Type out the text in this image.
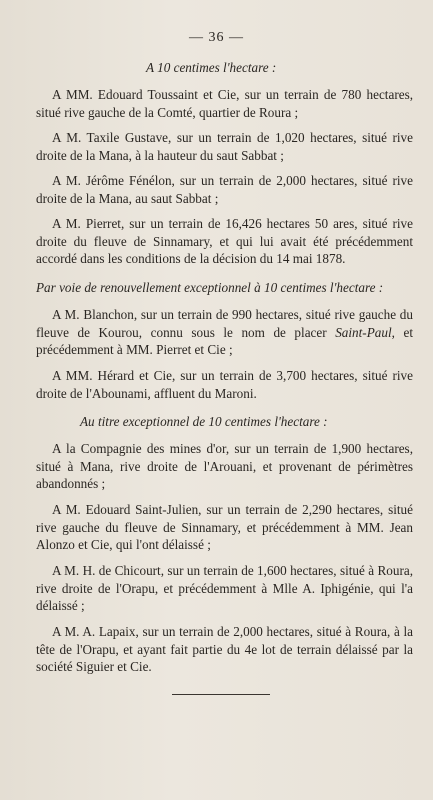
— 36 —
A 10 centimes l'hectare :

A MM. Edouard Toussaint et Cie, sur un terrain de 780 hectares, situé rive gauche de la Comté, quartier de Roura ;

A M. Taxile Gustave, sur un terrain de 1,020 hectares, situé rive droite de la Mana, à la hauteur du saut Sabbat ;

A M. Jérôme Fénélon, sur un terrain de 2,000 hectares, situé rive droite de la Mana, au saut Sabbat ;

A M. Pierret, sur un terrain de 16,426 hectares 50 ares, situé rive droite du fleuve de Sinnamary, et qui lui avait été précédemment accordé dans les conditions de la décision du 14 mai 1878.

Par voie de renouvellement exceptionnel à 10 centimes l'hectare :

A M. Blanchon, sur un terrain de 990 hectares, situé rive gauche du fleuve de Kourou, connu sous le nom de placer Saint-Paul, et précédemment à MM. Pierret et Cie ;

A MM. Hérard et Cie, sur un terrain de 3,700 hectares, situé rive droite de l'Abounami, affluent du Maroni.

Au titre exceptionnel de 10 centimes l'hectare :

A la Compagnie des mines d'or, sur un terrain de 1,900 hectares, situé à Mana, rive droite de l'Arouani, et provenant de périmètres abandonnés ;

A M. Edouard Saint-Julien, sur un terrain de 2,290 hectares, situé rive gauche du fleuve de Sinnamary, et précédemment à MM. Jean Alonzo et Cie, qui l'ont délaissé ;

A M. H. de Chicourt, sur un terrain de 1,600 hectares, situé à Roura, rive droite de l'Orapu, et précédemment à Mlle A. Iphigénie, qui l'a délaissé ;

A M. A. Lapaix, sur un terrain de 2,000 hectares, situé à Roura, à la tête de l'Orapu, et ayant fait partie du 4e lot de terrain délaissé par la société Siguier et Cie.
